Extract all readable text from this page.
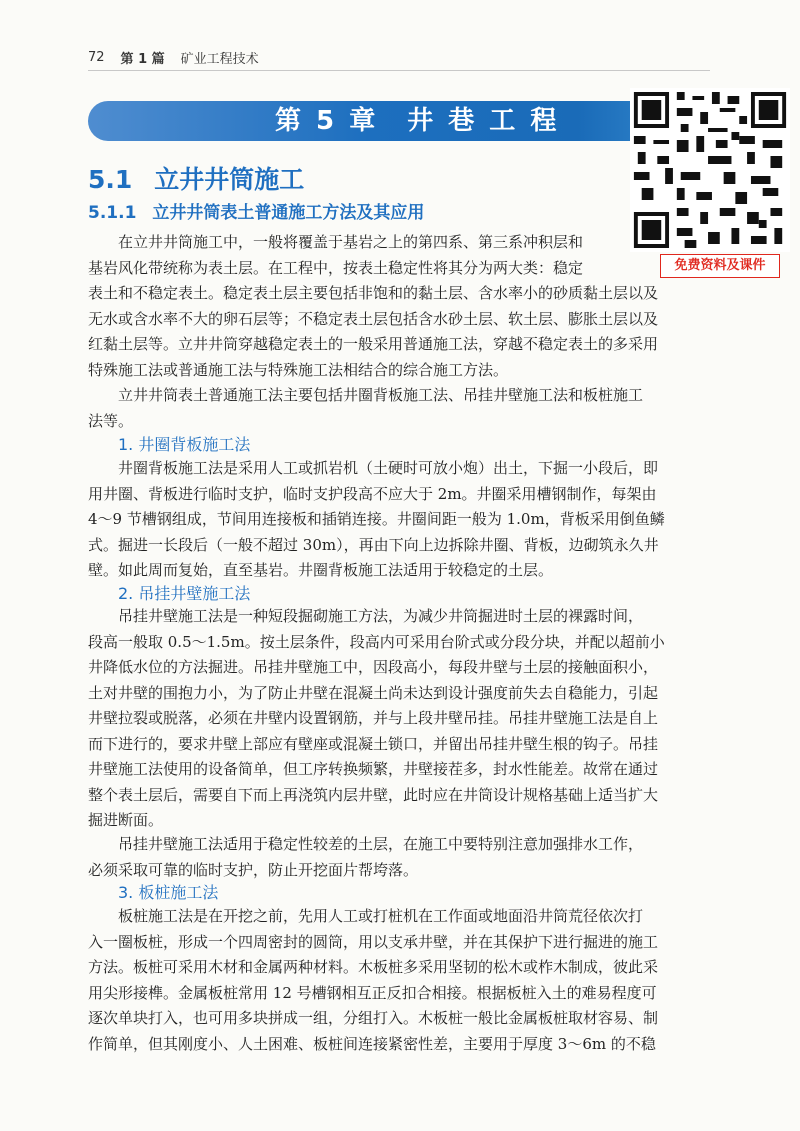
72 第 1 篇 矿业工程技术
第 5 章　井 巷 工 程
免费资料及课件
5.1 立井井筒施工
5.1.1 立井井筒表土普通施工方法及其应用
在立井井筒施工中，一般将覆盖于基岩之上的第四系、第三系冲积层和
基岩风化带统称为表土层。在工程中，按表土稳定性将其分为两大类：稳定
表土和不稳定表土。稳定表土层主要包括非饱和的黏土层、含水率小的砂质黏土层以及
无水或含水率不大的卵石层等；不稳定表土层包括含水砂土层、软土层、膨胀土层以及
红黏土层等。立井井筒穿越稳定表土的一般采用普通施工法，穿越不稳定表土的多采用
特殊施工法或普通施工法与特殊施工法相结合的综合施工方法。
立井井筒表土普通施工法主要包括井圈背板施工法、吊挂井壁施工法和板桩施工
法等。
1. 井圈背板施工法
井圈背板施工法是采用人工或抓岩机（土硬时可放小炮）出土，下掘一小段后，即
用井圈、背板进行临时支护，临时支护段高不应大于 2m。井圈采用槽钢制作，每架由
4～9 节槽钢组成，节间用连接板和插销连接。井圈间距一般为 1.0m，背板采用倒鱼鳞
式。掘进一长段后（一般不超过 30m），再由下向上边拆除井圈、背板，边砌筑永久井
壁。如此周而复始，直至基岩。井圈背板施工法适用于较稳定的土层。
2. 吊挂井壁施工法
吊挂井壁施工法是一种短段掘砌施工方法，为减少井筒掘进时土层的裸露时间，
段高一般取 0.5～1.5m。按土层条件，段高内可采用台阶式或分段分块，并配以超前小
井降低水位的方法掘进。吊挂井壁施工中，因段高小，每段井壁与土层的接触面积小，
土对井壁的围抱力小，为了防止井壁在混凝土尚未达到设计强度前失去自稳能力，引起
井壁拉裂或脱落，必须在井壁内设置钢筋，并与上段井壁吊挂。吊挂井壁施工法是自上
而下进行的，要求井壁上部应有壁座或混凝土锁口，并留出吊挂井壁生根的钩子。吊挂
井壁施工法使用的设备简单，但工序转换频繁，井壁接茬多，封水性能差。故常在通过
整个表土层后，需要自下而上再浇筑内层井壁，此时应在井筒设计规格基础上适当扩大
掘进断面。
吊挂井壁施工法适用于稳定性较差的土层，在施工中要特别注意加强排水工作，
必须采取可靠的临时支护，防止开挖面片帮垮落。
3. 板桩施工法
板桩施工法是在开挖之前，先用人工或打桩机在工作面或地面沿井筒荒径依次打
入一圈板桩，形成一个四周密封的圆筒，用以支承井壁，并在其保护下进行掘进的施工
方法。板桩可采用木材和金属两种材料。木板桩多采用坚韧的松木或柞木制成，彼此采
用尖形接榫。金属板桩常用 12 号槽钢相互正反扣合相接。根据板桩入土的难易程度可
逐次单块打入，也可用多块拼成一组，分组打入。木板桩一般比金属板桩取材容易、制
作简单，但其刚度小、人土困难、板桩间连接紧密性差，主要用于厚度 3～6m 的不稳
